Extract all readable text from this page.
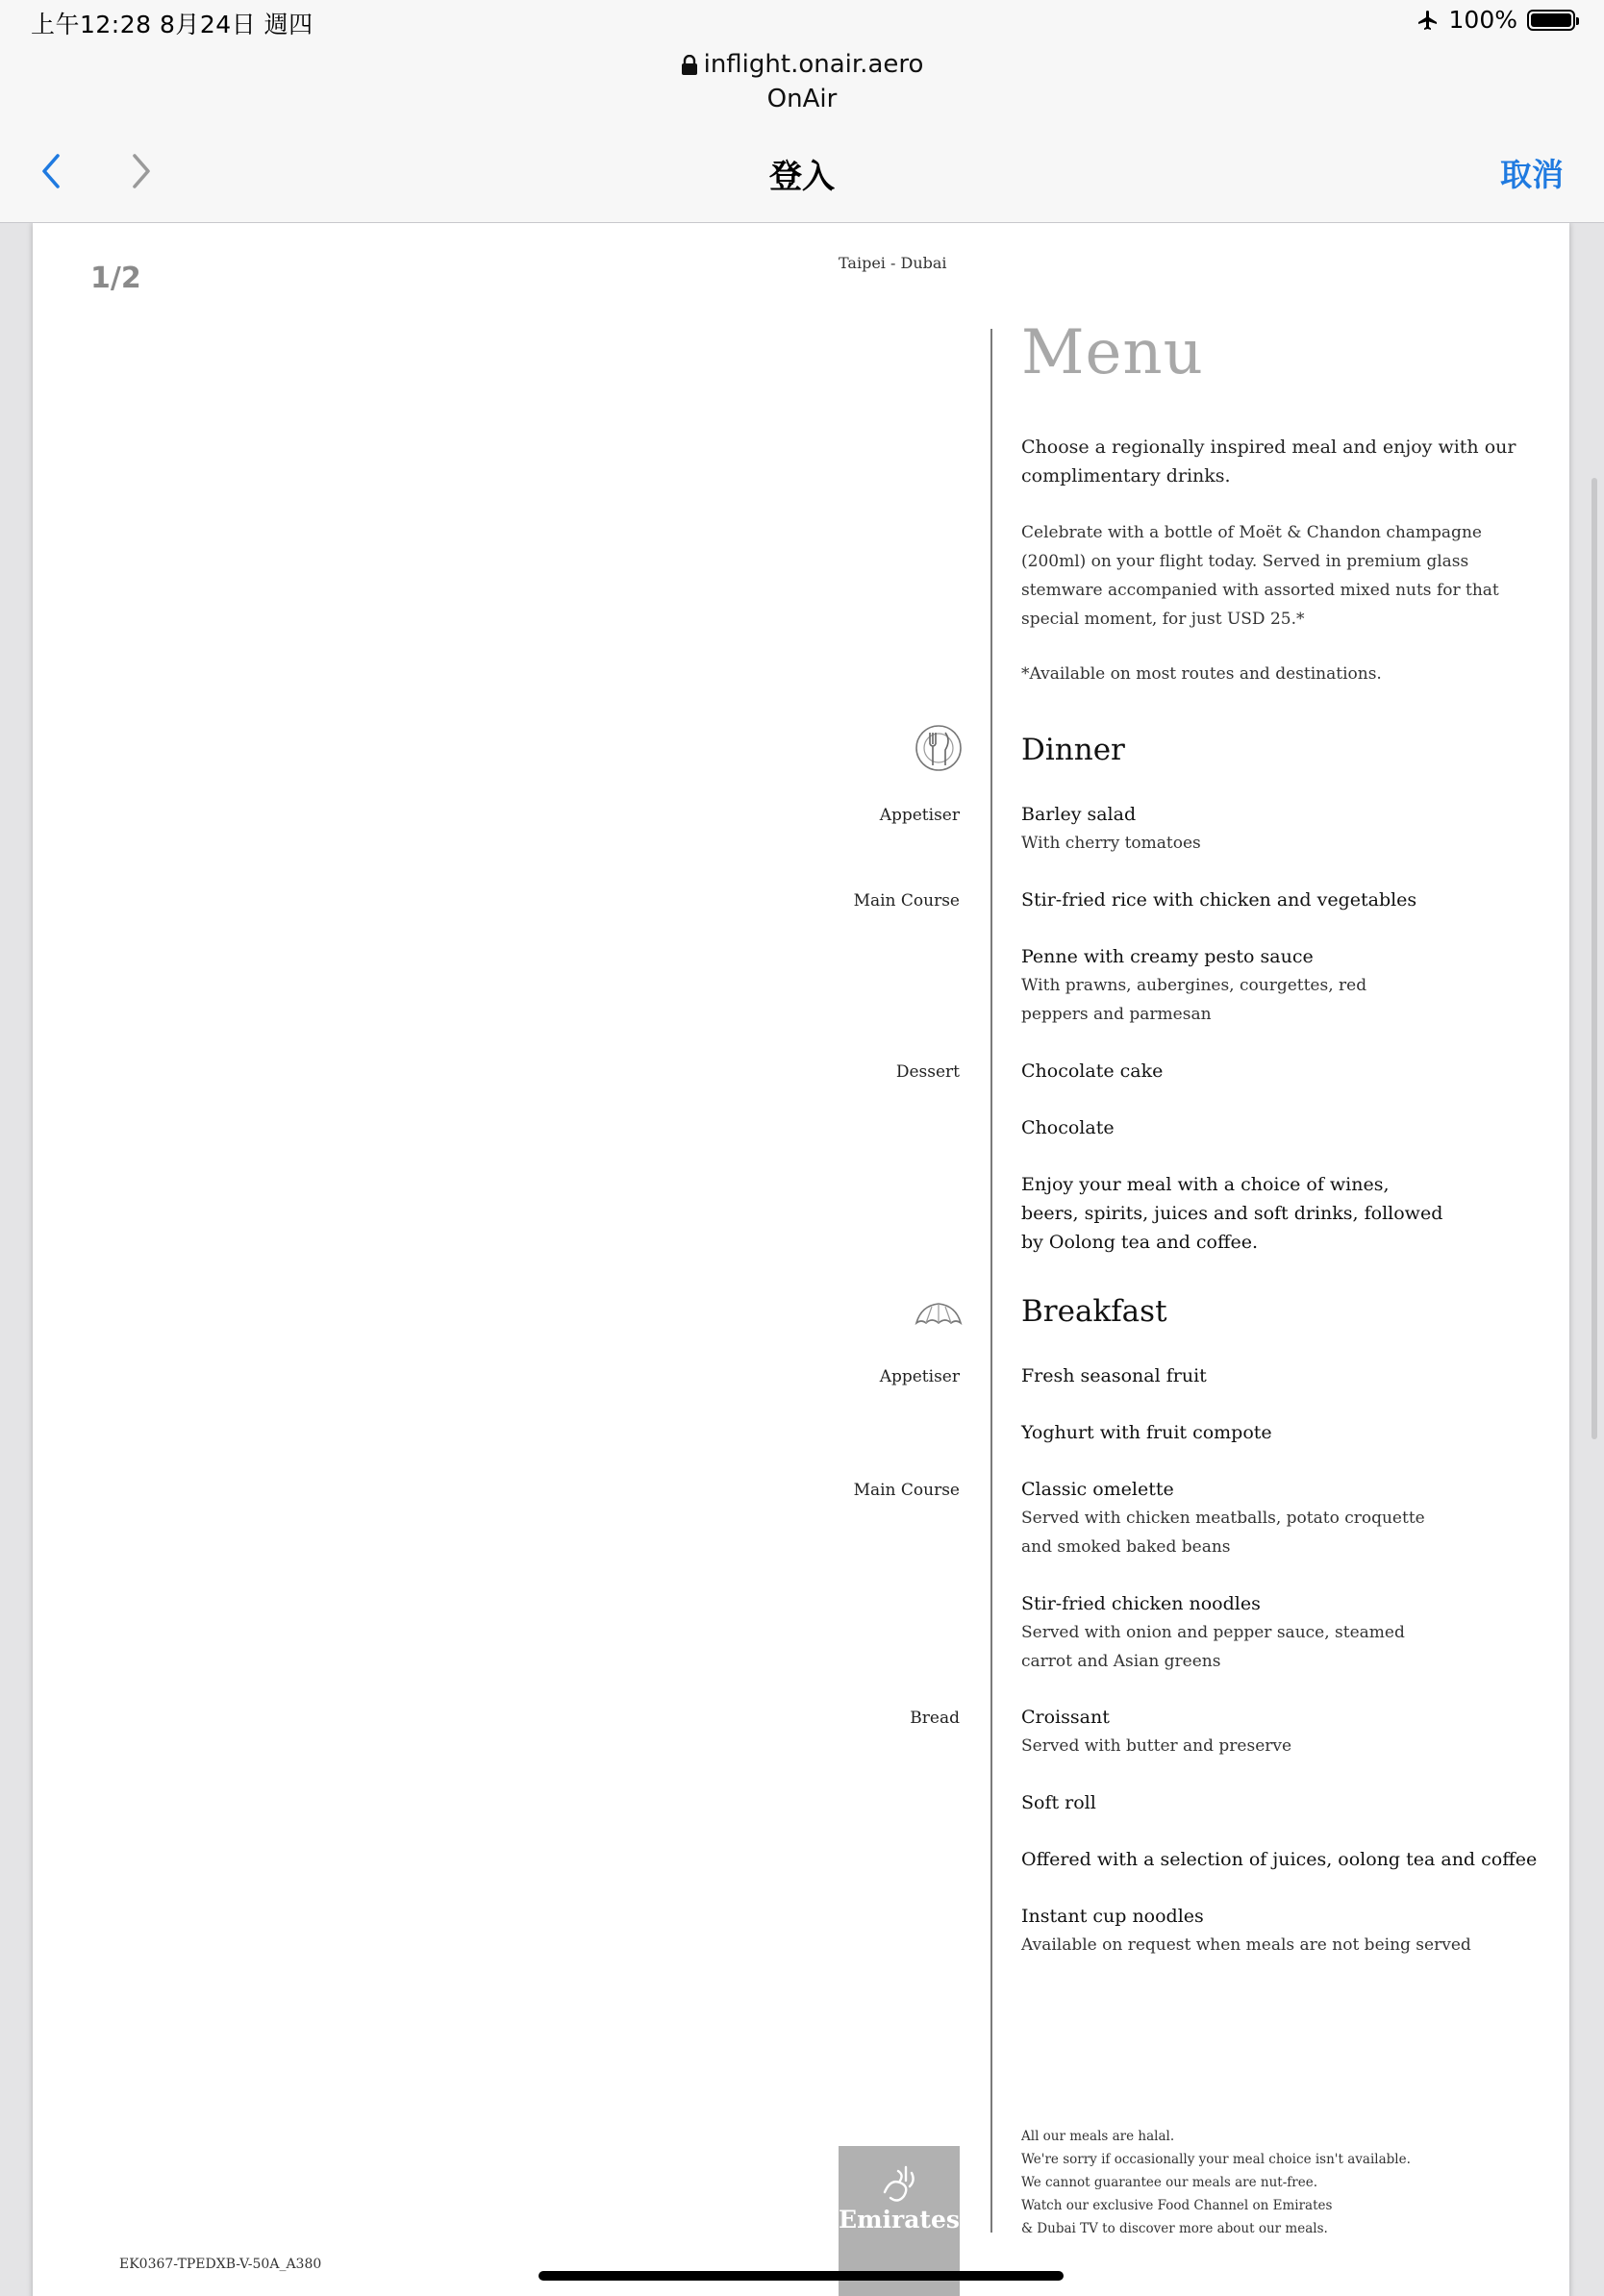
上午12:28 8月24日 週四	100%
inflight.onair.aero
OnAir
登入	取消
1/2	Taipei - Dubai
Menu
Choose a regionally inspired meal and enjoy with our complimentary drinks.
Celebrate with a bottle of Moët & Chandon champagne (200ml) on your flight today. Served in premium glass stemware accompanied with assorted mixed nuts for that special moment, for just USD 25.*
*Available on most routes and destinations.
Dinner
Appetiser	Barley salad
With cherry tomatoes
Main Course	Stir-fried rice with chicken and vegetables
Penne with creamy pesto sauce
With prawns, aubergines, courgettes, red peppers and parmesan
Dessert	Chocolate cake
Chocolate
Enjoy your meal with a choice of wines, beers, spirits, juices and soft drinks, followed by Oolong tea and coffee.
Breakfast
Appetiser	Fresh seasonal fruit
Yoghurt with fruit compote
Main Course	Classic omelette
Served with chicken meatballs, potato croquette and smoked baked beans
Stir-fried chicken noodles
Served with onion and pepper sauce, steamed carrot and Asian greens
Bread	Croissant
Served with butter and preserve
Soft roll
Offered with a selection of juices, oolong tea and coffee
Instant cup noodles
Available on request when meals are not being served
All our meals are halal.
We're sorry if occasionally your meal choice isn't available.
We cannot guarantee our meals are nut-free.
Watch our exclusive Food Channel on Emirates
& Dubai TV to discover more about our meals.
Emirates
EK0367-TPEDXB-V-50A_A380
